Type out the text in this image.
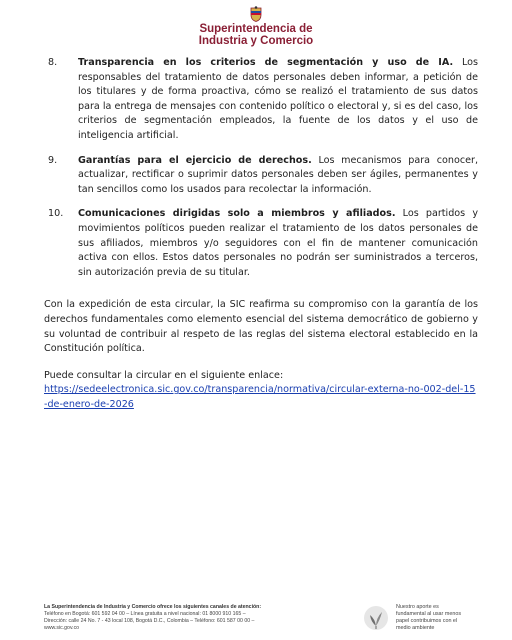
Superintendencia de
Industria y Comercio
8.	Transparencia en los criterios de segmentación y uso de IA. Los responsables del tratamiento de datos personales deben informar, a petición de los titulares y de forma proactiva, cómo se realizó el tratamiento de sus datos para la entrega de mensajes con contenido político o electoral y, si es del caso, los criterios de segmentación empleados, la fuente de los datos y el uso de inteligencia artificial.
9.	Garantías para el ejercicio de derechos. Los mecanismos para conocer, actualizar, rectificar o suprimir datos personales deben ser ágiles, permanentes y tan sencillos como los usados para recolectar la información.
10.	Comunicaciones dirigidas solo a miembros y afiliados. Los partidos y movimientos políticos pueden realizar el tratamiento de los datos personales de sus afiliados, miembros y/o seguidores con el fin de mantener comunicación activa con ellos. Estos datos personales no podrán ser suministrados a terceros, sin autorización previa de su titular.

Con la expedición de esta circular, la SIC reafirma su compromiso con la garantía de los derechos fundamentales como elemento esencial del sistema democrático de gobierno y su voluntad de contribuir al respeto de las reglas del sistema electoral establecido en la Constitución política.

Puede consultar la circular en el siguiente enlace:

https://sedeelectronica.sic.gov.co/transparencia/normativa/circular-externa-no-002-del-15-de-enero-de-2026
La Superintendencia de Industria y Comercio ofrece los siguientes canales de atención:
Teléfono en Bogotá: 601 592 04 00 – Línea gratuita a nivel nacional: 01 8000 910 165 –
Dirección: calle 24 No. 7 - 43 local 108, Bogotá D.C., Colombia – Teléfono: 601 587 00 00 –
www.sic.gov.co
Nuestro aporte es
fundamental al usar menos
papel contribuimos con el
medio ambiente
